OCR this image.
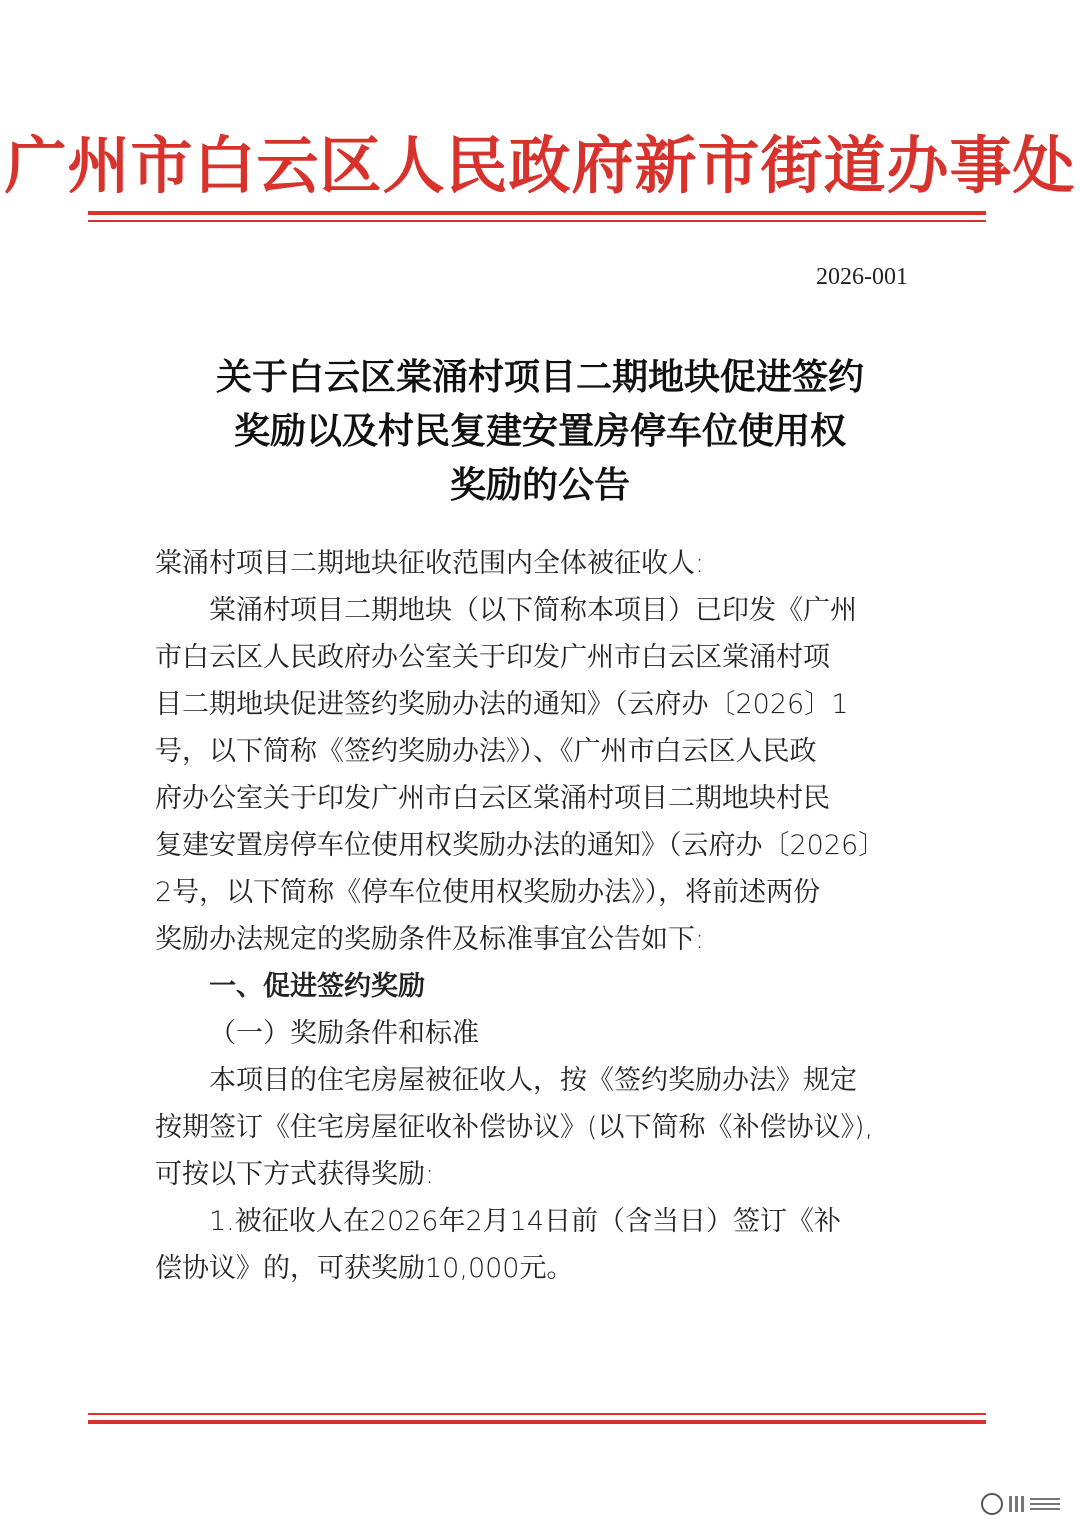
广州市白云区人民政府新市街道办事处
2026-001
关于白云区棠涌村项目二期地块促进签约
奖励以及村民复建安置房停车位使用权
奖励的公告
棠涌村项目二期地块征收范围内全体被征收人:
棠涌村项目二期地块（以下简称本项目）已印发《广州
市白云区人民政府办公室关于印发广州市白云区棠涌村项
目二期地块促进签约奖励办法的通知》（云府办〔2026〕1
号，以下简称《签约奖励办法》）、《广州市白云区人民政
府办公室关于印发广州市白云区棠涌村项目二期地块村民
复建安置房停车位使用权奖励办法的通知》（云府办〔2026〕
2号，以下简称《停车位使用权奖励办法》），将前述两份
奖励办法规定的奖励条件及标准事宜公告如下:
一、促进签约奖励
（一）奖励条件和标准
本项目的住宅房屋被征收人，按《签约奖励办法》规定
按期签订《住宅房屋征收补偿协议》(以下简称《补偿协议》),
可按以下方式获得奖励:
1.被征收人在2026年2月14日前（含当日）签订《补
偿协议》的，可获奖励10,000元。
